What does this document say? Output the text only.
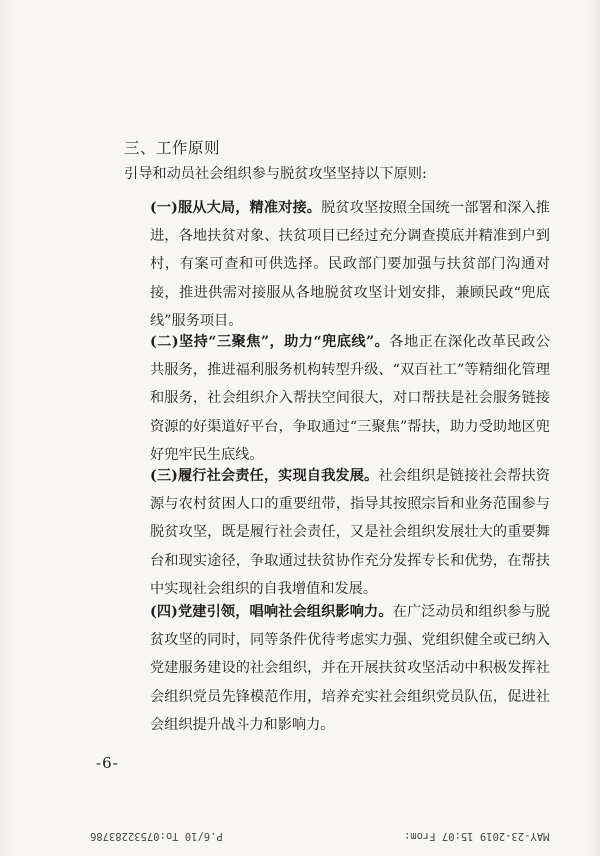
三、工作原则

引导和动员社会组织参与脱贫攻坚坚持以下原则:

(一)服从大局，精准对接。脱贫攻坚按照全国统一部署和深入推进，各地扶贫对象、扶贫项目已经过充分调查摸底并精准到户到村，有案可查和可供选择。民政部门要加强与扶贫部门沟通对接，推进供需对接服从各地脱贫攻坚计划安排，兼顾民政“兜底线”服务项目。

(二)坚持“三聚焦”，助力“兜底线”。各地正在深化改革民政公共服务，推进福利服务机构转型升级、“双百社工”等精细化管理和服务，社会组织介入帮扶空间很大，对口帮扶是社会服务链接资源的好渠道好平台，争取通过“三聚焦”帮扶，助力受助地区兜好兜牢民生底线。

(三)履行社会责任，实现自我发展。社会组织是链接社会帮扶资源与农村贫困人口的重要纽带，指导其按照宗旨和业务范围参与脱贫攻坚，既是履行社会责任，又是社会组织发展壮大的重要舞台和现实途径，争取通过扶贫协作充分发挥专长和优势，在帮扶中实现社会组织的自我增值和发展。

(四)党建引领，唱响社会组织影响力。在广泛动员和组织参与脱贫攻坚的同时，同等条件优待考虑实力强、党组织健全或已纳入党建服务建设的社会组织，并在开展扶贫攻坚活动中积极发挥社会组织党员先锋模范作用，培养充实社会组织党员队伍，促进社会组织提升战斗力和影响力。

-6-
P.6/10 To:07532283786	MAY-23-2019 15:07 From:
